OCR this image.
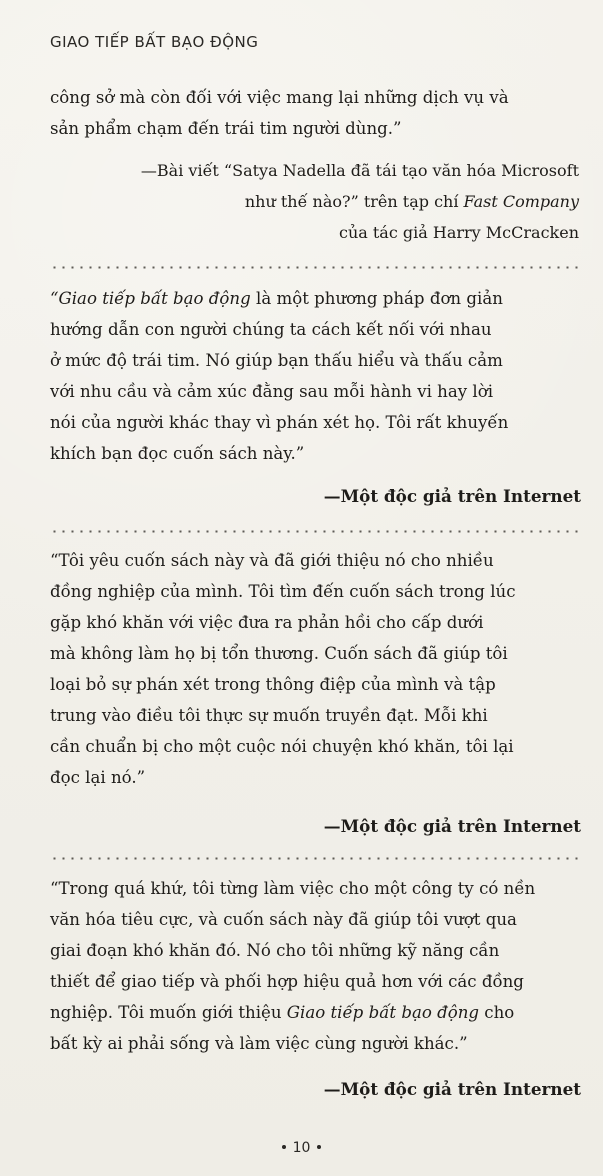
GIAO TIẾP BẤT BẠO ĐỘNG
công sở mà còn đối với việc mang lại những dịch vụ và
sản phẩm chạm đến trái tim người dùng.”
—Bài viết “Satya Nadella đã tái tạo văn hóa Microsoft
như thế nào?” trên tạp chí Fast Company
của tác giả Harry McCracken
“Giao tiếp bất bạo động là một phương pháp đơn giản
hướng dẫn con người chúng ta cách kết nối với nhau
ở mức độ trái tim. Nó giúp bạn thấu hiểu và thấu cảm
với nhu cầu và cảm xúc đằng sau mỗi hành vi hay lời
nói của người khác thay vì phán xét họ. Tôi rất khuyến
khích bạn đọc cuốn sách này.”
—Một độc giả trên Internet
“Tôi yêu cuốn sách này và đã giới thiệu nó cho nhiều
đồng nghiệp của mình. Tôi tìm đến cuốn sách trong lúc
gặp khó khăn với việc đưa ra phản hồi cho cấp dưới
mà không làm họ bị tổn thương. Cuốn sách đã giúp tôi
loại bỏ sự phán xét trong thông điệp của mình và tập
trung vào điều tôi thực sự muốn truyền đạt. Mỗi khi
cần chuẩn bị cho một cuộc nói chuyện khó khăn, tôi lại
đọc lại nó.”
—Một độc giả trên Internet
“Trong quá khứ, tôi từng làm việc cho một công ty có nền
văn hóa tiêu cực, và cuốn sách này đã giúp tôi vượt qua
giai đoạn khó khăn đó. Nó cho tôi những kỹ năng cần
thiết để giao tiếp và phối hợp hiệu quả hơn với các đồng
nghiệp. Tôi muốn giới thiệu Giao tiếp bất bạo động cho
bất kỳ ai phải sống và làm việc cùng người khác.”
—Một độc giả trên Internet
10
